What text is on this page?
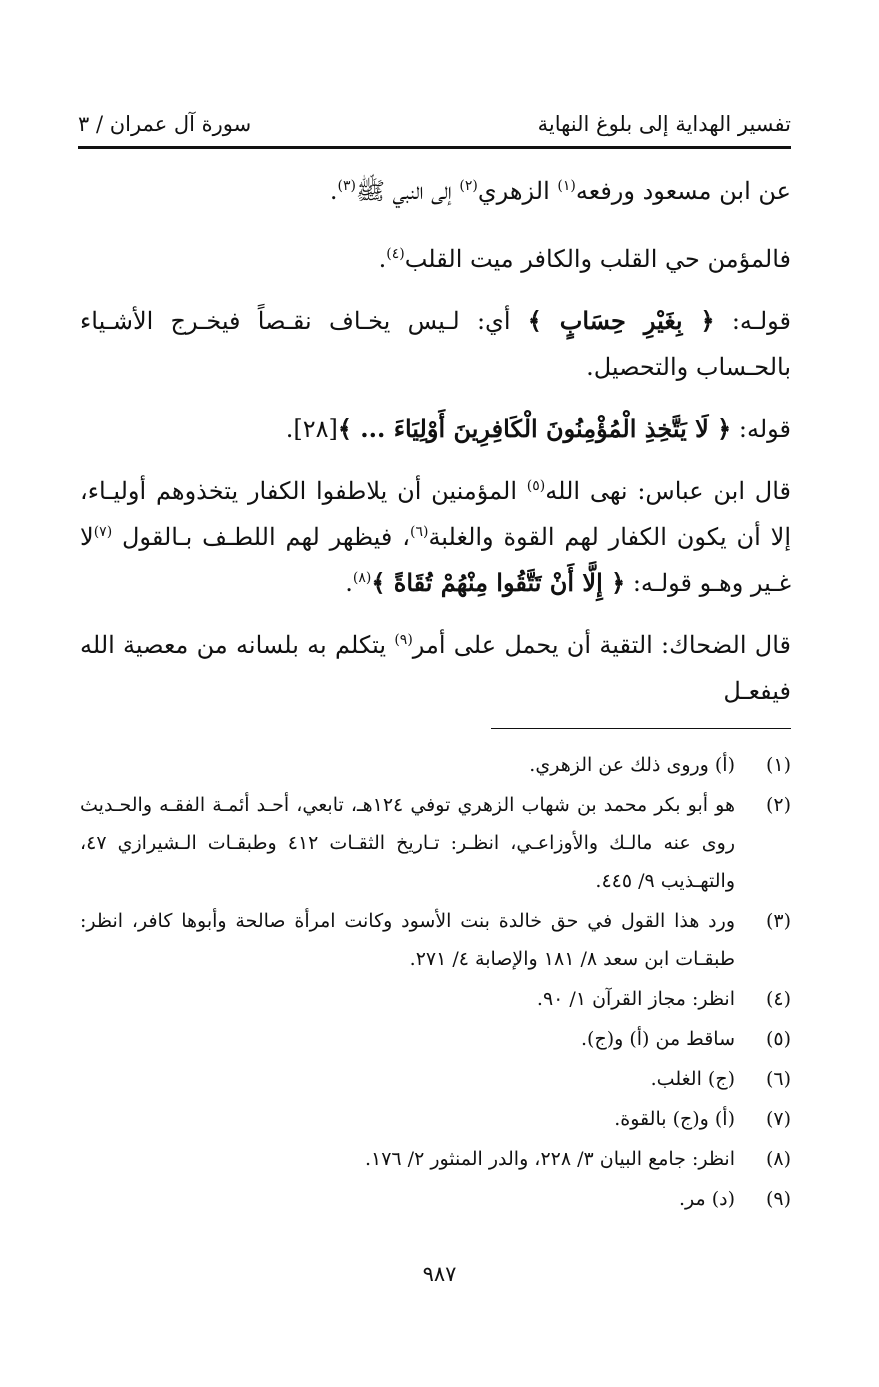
تفسير الهداية إلى بلوغ النهاية
سورة آل عمران / ٣

عن ابن مسعود ورفعه$^{(١)}$ الزهري$^{(٢)}$ إلى النبي ﷺ$^{(٣)}$.

فالمؤمن حي القلب والكافر ميت القلب$^{(٤)}$.

قولـه: ﴿ بِغَيْرِ حِسَابٍ ﴾ أي: لـيس يخـاف نقـصاً فيخـرج الأشـياء بالحـساب والتحصيل.

قوله: ﴿ لَا يَتَّخِذِ الْمُؤْمِنُونَ الْكَافِرِينَ أَوْلِيَاءَ ... ﴾[٢٨].

قال ابن عباس: نهى الله$^{(٥)}$ المؤمنين أن يلاطفوا الكفار يتخذوهم أوليـاء، إلا أن يكون الكفار لهم القوة والغلبة$^{(٦)}$، فيظهر لهم اللطـف بـالقول $^{(٧)}$لا غـير وهـو قولـه: ﴿ إِلَّا أَنْ تَتَّقُوا مِنْهُمْ تُقَاةً ﴾$^{(٨)}$.

قال الضحاك: التقية أن يحمل على أمر$^{(٩)}$ يتكلم به بلسانه من معصية الله فيفعـل

(١)
(أ) وروى ذلك عن الزهري.
(٢)
هو أبو بكر محمد بن شهاب الزهري توفي ١٢٤هـ، تابعي، أحـد أئمـة الفقـه والحـديث روى عنه مالـك والأوزاعـي، انظـر: تـاريخ الثقـات ٤١٢ وطبقـات الـشيرازي ٤٧، والتهـذيب ٩/ ٤٤٥.
(٣)
ورد هذا القول في حق خالدة بنت الأسود وكانت امرأة صالحة وأبوها كافر، انظر: طبقـات ابن سعد ٨/ ١٨١ والإصابة ٤/ ٢٧١.
(٤)
انظر: مجاز القرآن ١/ ٩٠.
(٥)
ساقط من (أ) و(ج).
(٦)
(ج) الغلب.
(٧)
(أ) و(ج) بالقوة.
(٨)
انظر: جامع البيان ٣/ ٢٢٨، والدر المنثور ٢/ ١٧٦.
(٩)
(د) مر.
٩٨٧
